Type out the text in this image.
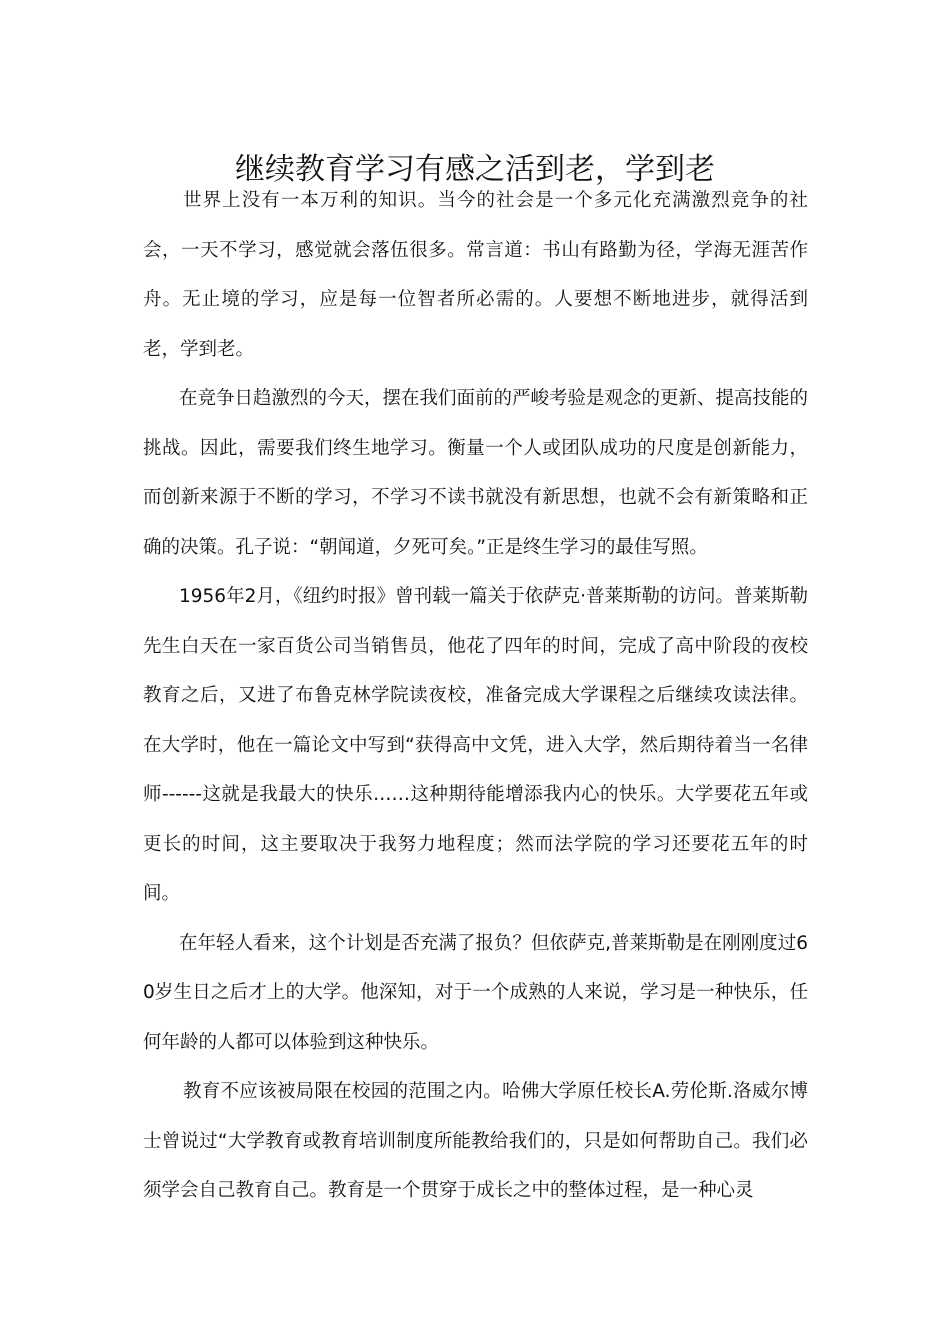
继续教育学习有感之活到老，学到老

世界上没有一本万利的知识。当今的社会是一个多元化充满激烈竞争的社会，一天不学习，感觉就会落伍很多。常言道：书山有路勤为径，学海无涯苦作舟。无止境的学习，应是每一位智者所必需的。人要想不断地进步，就得活到老，学到老。

在竞争日趋激烈的今天，摆在我们面前的严峻考验是观念的更新、提高技能的挑战。因此，需要我们终生地学习。衡量一个人或团队成功的尺度是创新能力，而创新来源于不断的学习，不学习不读书就没有新思想，也就不会有新策略和正确的决策。孔子说：“朝闻道，夕死可矣。”正是终生学习的最佳写照。

1956年2月，《纽约时报》曾刊载一篇关于依萨克·普莱斯勒的访问。普莱斯勒先生白天在一家百货公司当销售员，他花了四年的时间，完成了高中阶段的夜校教育之后，又进了布鲁克林学院读夜校，准备完成大学课程之后继续攻读法律。在大学时，他在一篇论文中写到“获得高中文凭，进入大学，然后期待着当一名律师------这就是我最大的快乐……这种期待能增添我内心的快乐。大学要花五年或更长的时间，这主要取决于我努力地程度；然而法学院的学习还要花五年的时间。

在年轻人看来，这个计划是否充满了报负？但依萨克,普莱斯勒是在刚刚度过60岁生日之后才上的大学。他深知，对于一个成熟的人来说，学习是一种快乐，任何年龄的人都可以体验到这种快乐。

教育不应该被局限在校园的范围之内。哈佛大学原任校长A.劳伦斯.洛威尔博士曾说过“大学教育或教育培训制度所能教给我们的，只是如何帮助自己。我们必须学会自己教育自己。教育是一个贯穿于成长之中的整体过程，是一种心灵
